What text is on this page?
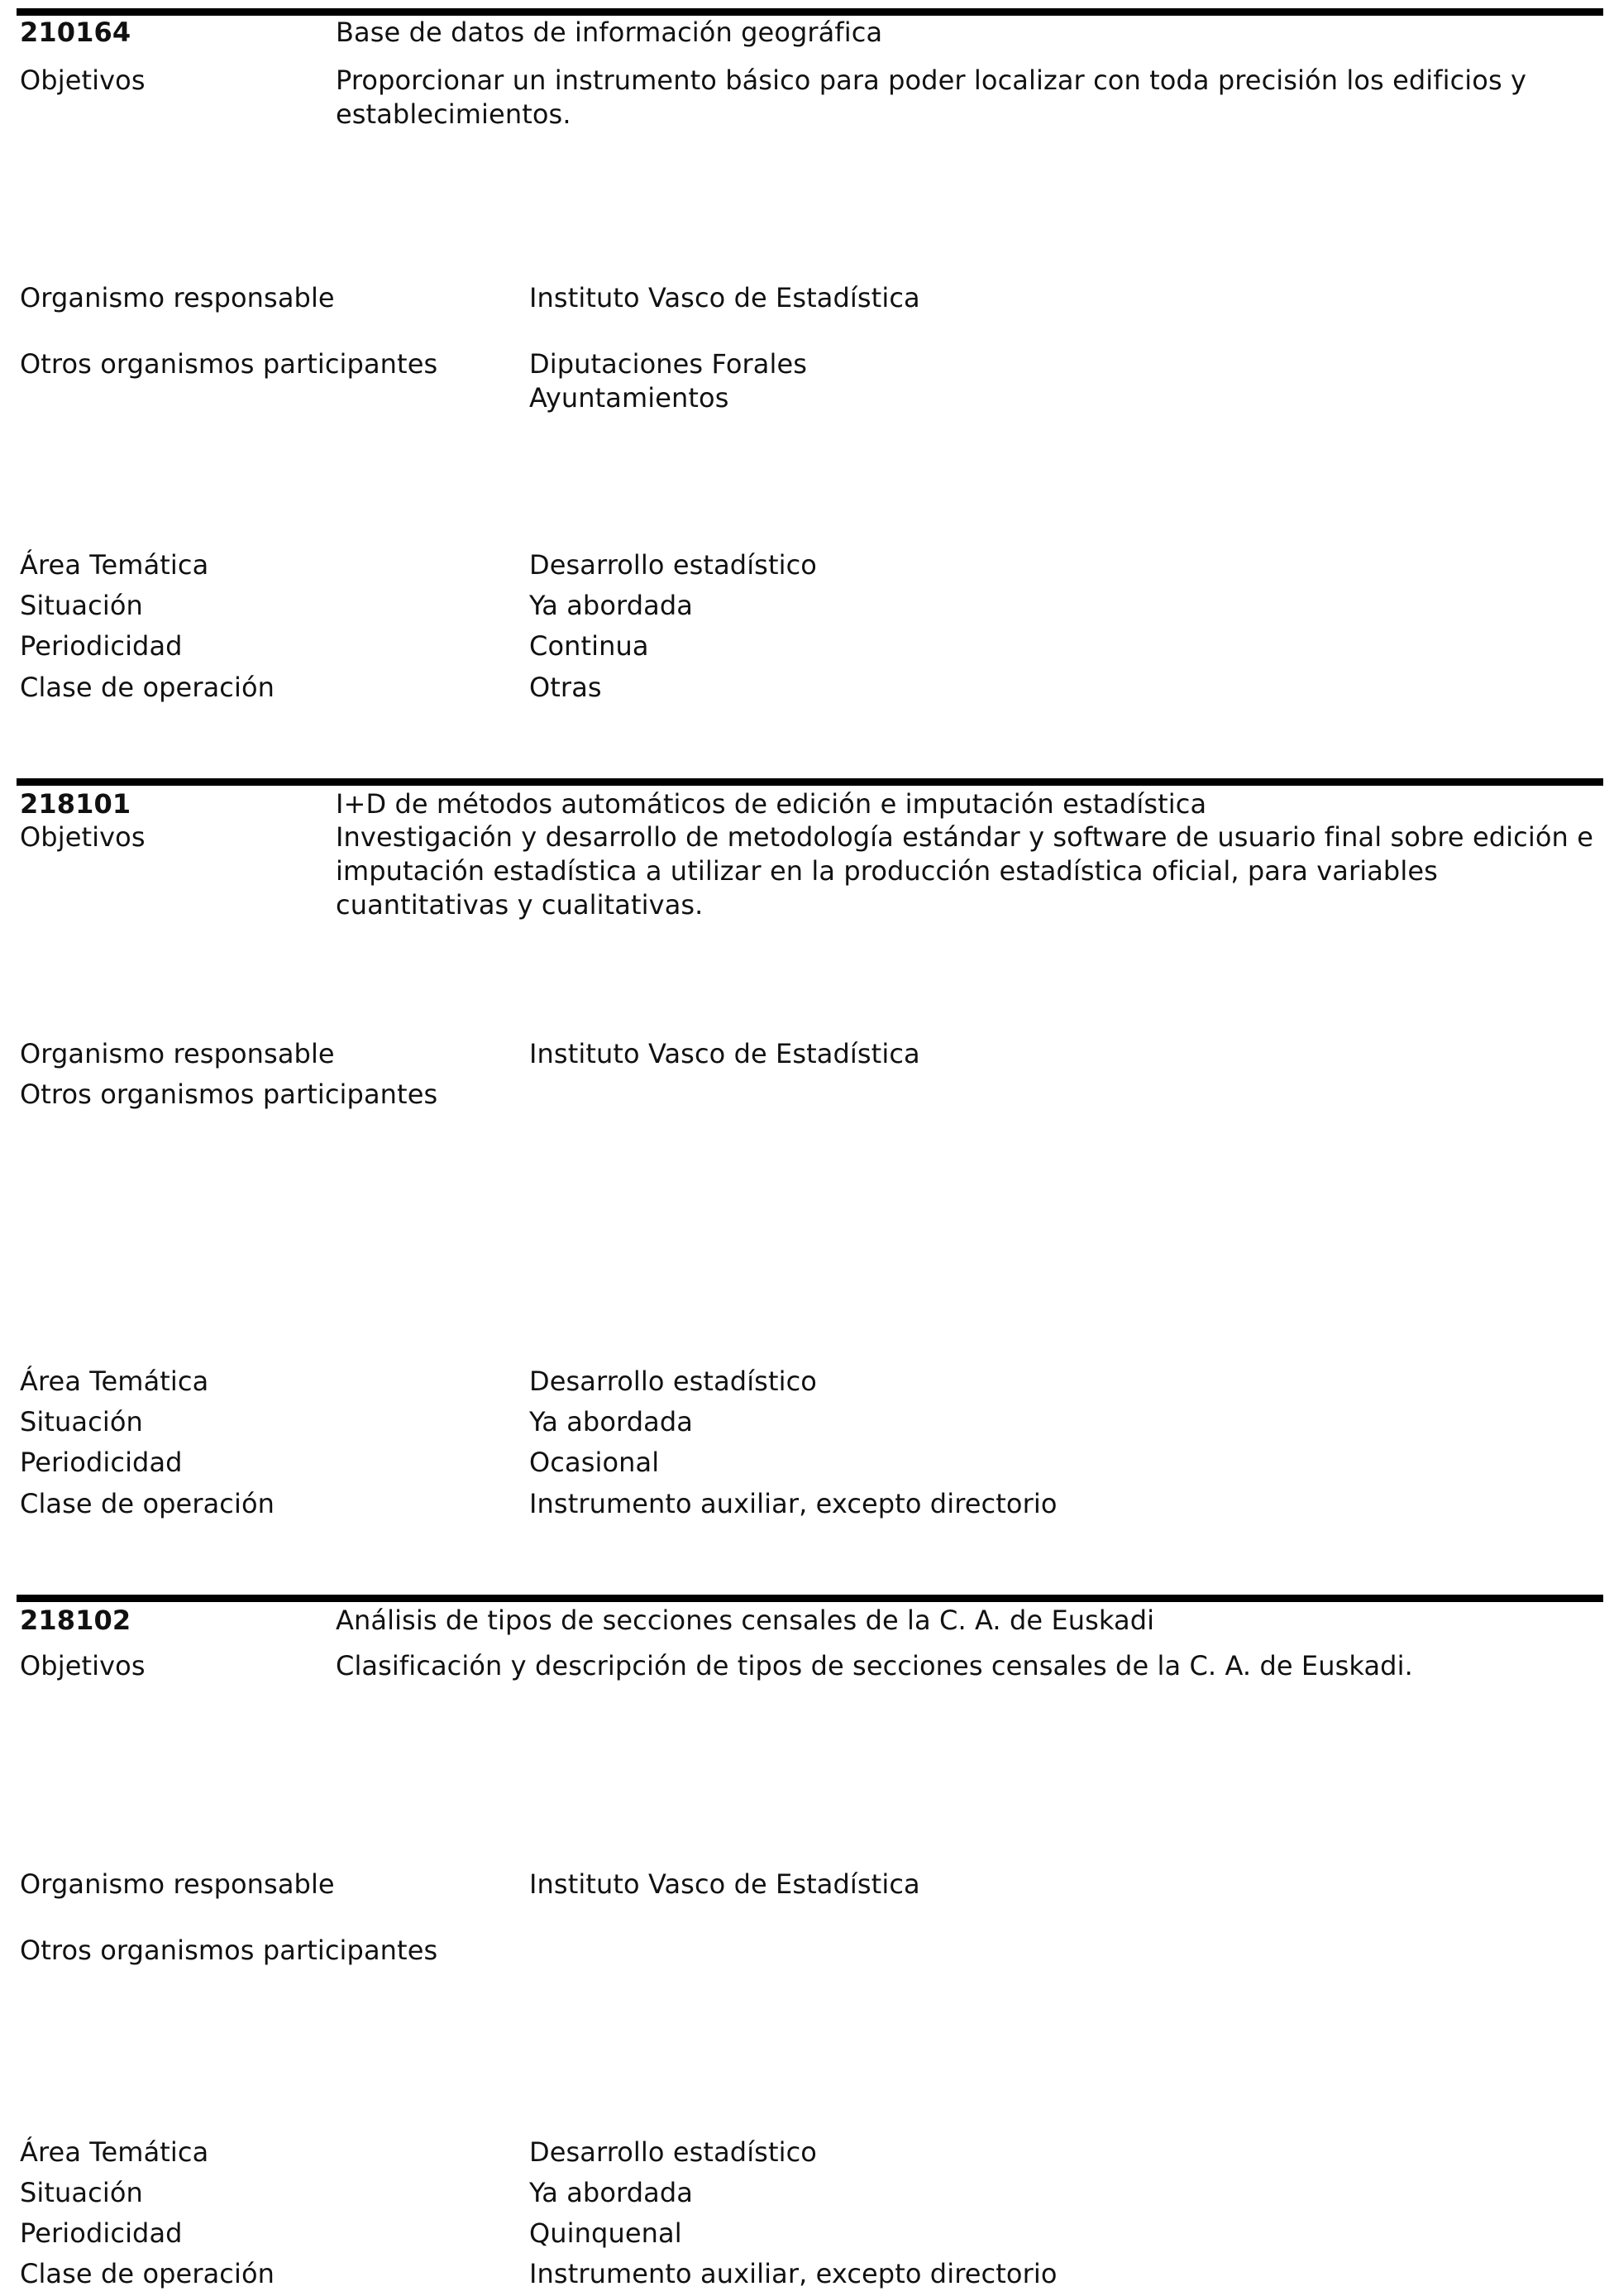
210164	Base de datos de información geográfica
Objetivos	Proporcionar un instrumento básico para poder localizar con toda precisión los edificios y establecimientos.
Organismo responsable	Instituto Vasco de Estadística
Otros organismos participantes	Diputaciones Forales
Ayuntamientos
Área Temática	Desarrollo estadístico
Situación	Ya abordada
Periodicidad	Continua
Clase de operación	Otras
218101	I+D de métodos automáticos de edición e imputación estadística
Objetivos	Investigación y desarrollo de metodología estándar y software de usuario final sobre edición e imputación estadística a utilizar en la producción estadística oficial, para variables cuantitativas y cualitativas.
Organismo responsable	Instituto Vasco de Estadística
Otros organismos participantes
Área Temática	Desarrollo estadístico
Situación	Ya abordada
Periodicidad	Ocasional
Clase de operación	Instrumento auxiliar, excepto directorio
218102	Análisis de tipos de secciones censales de la C. A. de Euskadi
Objetivos	Clasificación y descripción de tipos de secciones censales de la C. A. de Euskadi.
Organismo responsable	Instituto Vasco de Estadística
Otros organismos participantes
Área Temática	Desarrollo estadístico
Situación	Ya abordada
Periodicidad	Quinquenal
Clase de operación	Instrumento auxiliar, excepto directorio
